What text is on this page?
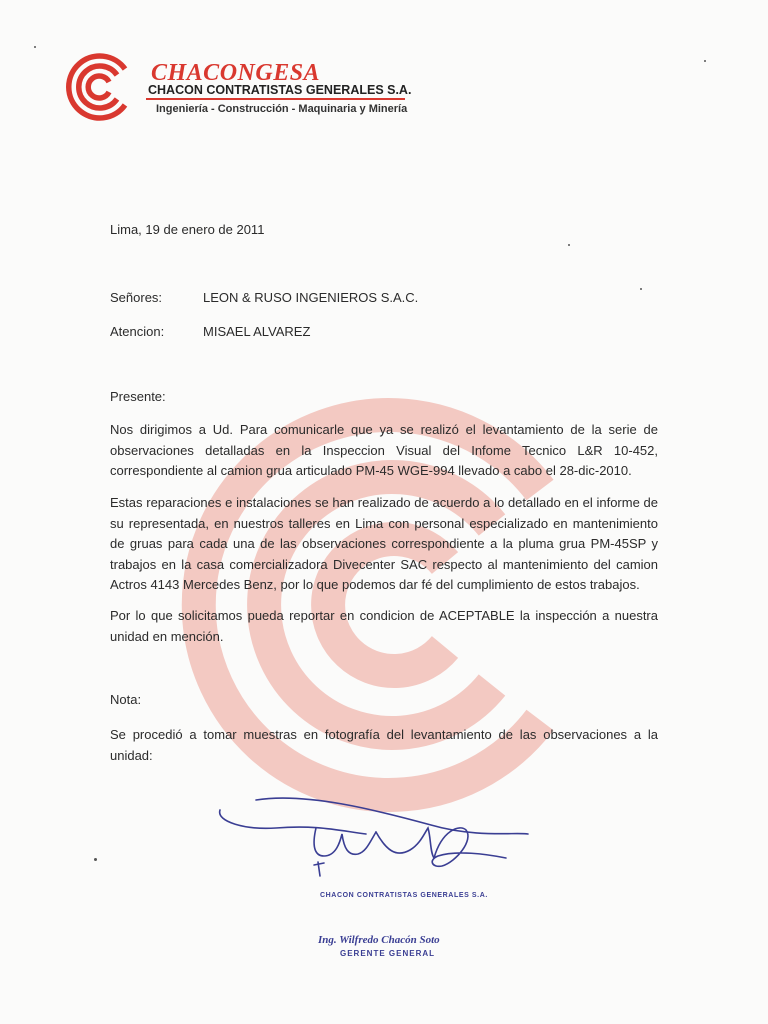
CHACONGESA
CHACON CONTRATISTAS GENERALES S.A.
Ingeniería - Construcción - Maquinaria y Minería
Lima, 19 de enero de 2011
Señores:	LEON & RUSO INGENIEROS S.A.C.
Atencion:	MISAEL ALVAREZ
Presente:
Nos dirigimos a Ud. Para comunicarle que ya se realizó el levantamiento de la serie de observaciones detalladas en la Inspeccion Visual del Infome Tecnico L&R 10-452, correspondiente al camion grua articulado PM-45 WGE-994 llevado a cabo el 28-dic-2010.
Estas reparaciones e instalaciones se han realizado de acuerdo a lo detallado en el informe de su representada, en nuestros talleres en Lima con personal especializado en mantenimiento de gruas para cada una de las observaciones correspondiente a la pluma grua PM-45SP y trabajos en la casa comercializadora Divecenter SAC respecto al mantenimiento del camion Actros 4143 Mercedes Benz, por lo que podemos dar fé del cumplimiento de estos trabajos.
Por lo que solicitamos pueda reportar en condicion de ACEPTABLE la inspección a nuestra unidad en mención.
Nota:
Se procedió a tomar muestras en fotografía del levantamiento de las observaciones a la unidad:
CHACON CONTRATISTAS GENERALES S.A.
Ing. Wilfredo Chacón Soto
GERENTE GENERAL
